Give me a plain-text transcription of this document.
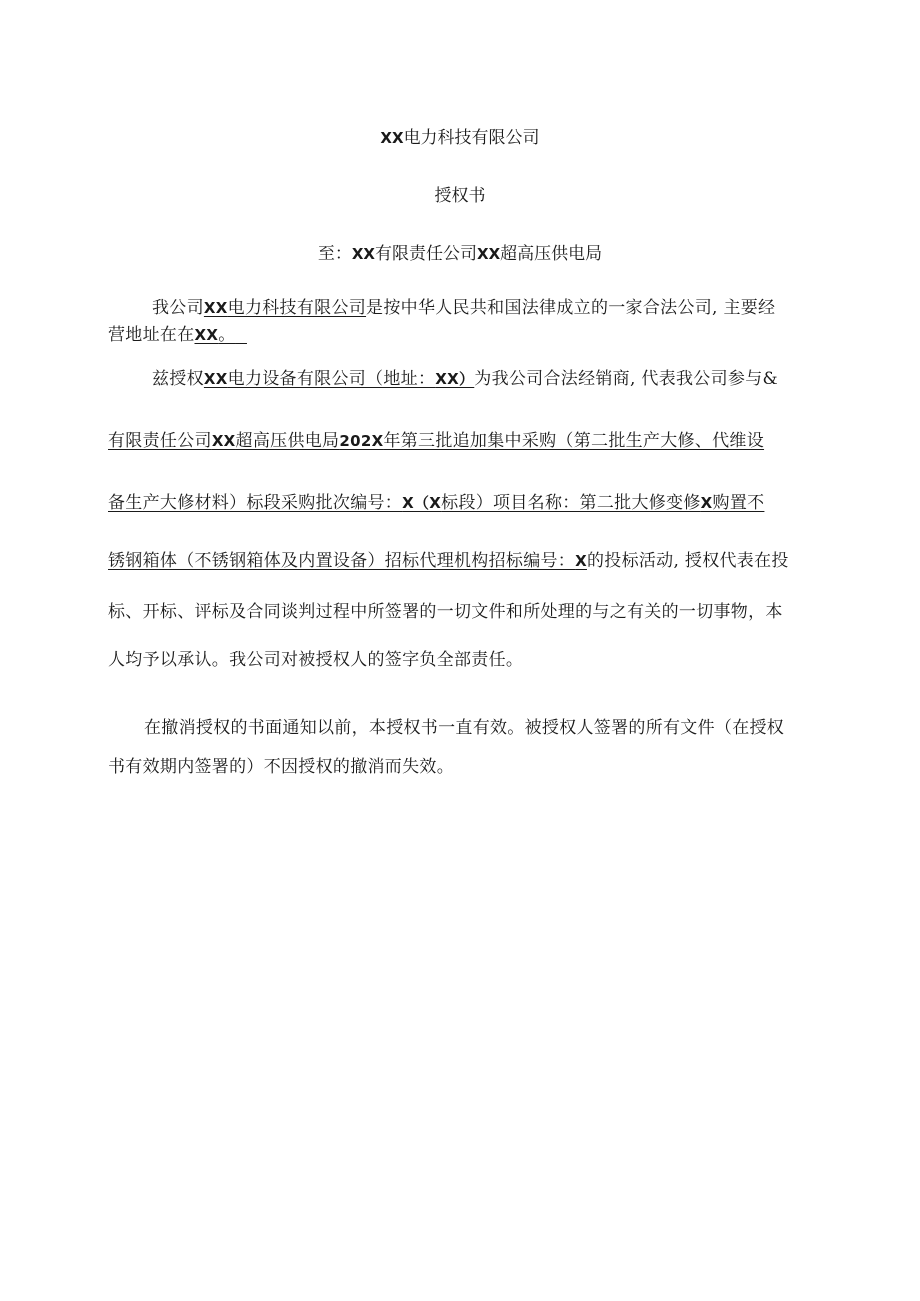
XX电力科技有限公司
授权书
至：XX有限责任公司XX超高压供电局
我公司XX电力科技有限公司是按中华人民共和国法律成立的一家合法公司, 主要经
营地址在在XX。
兹授权XX电力设备有限公司（地址：XX）为我公司合法经销商, 代表我公司参与&
有限责任公司XX超高压供电局202X年第三批追加集中采购（第二批生产大修、代维设
备生产大修材料）标段采购批次编号：X（X标段）项目名称：第二批大修变修X购置不
锈钢箱体（不锈钢箱体及内置设备）招标代理机构招标编号：X的投标活动, 授权代表在投
标、开标、评标及合同谈判过程中所签署的一切文件和所处理的与之有关的一切事物，本
人均予以承认。我公司对被授权人的签字负全部责任。
在撤消授权的书面通知以前，本授权书一直有效。被授权人签署的所有文件（在授权
书有效期内签署的）不因授权的撤消而失效。
